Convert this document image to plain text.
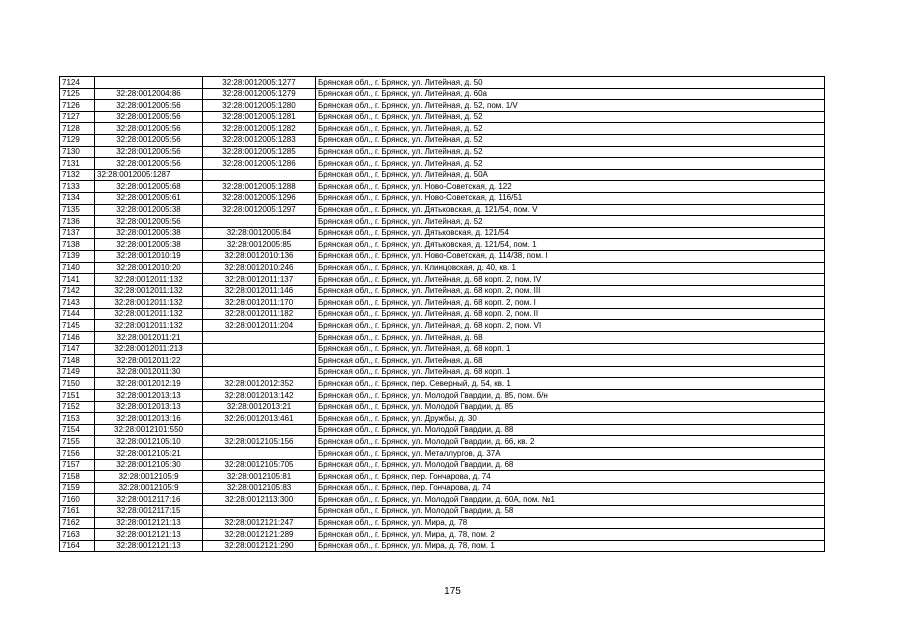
7124		32:28:0012005:1277	Брянская обл., г. Брянск, ул. Литейная, д. 50
7125	32:28:0012004:86	32:28:0012005:1279	Брянская обл., г. Брянск, ул. Литейная, д. 60а
7126	32:28:0012005:56	32:28:0012005:1280	Брянская обл., г. Брянск, ул. Литейная, д. 52, пом. 1/V
7127	32:28:0012005:56	32:28:0012005:1281	Брянская обл., г. Брянск, ул. Литейная, д. 52
7128	32:28:0012005:56	32:28:0012005:1282	Брянская обл., г. Брянск, ул. Литейная, д. 52
7129	32:28:0012005:56	32:28:0012005:1283	Брянская обл., г. Брянск, ул. Литейная, д. 52
7130	32:28:0012005:56	32:28:0012005:1285	Брянская обл., г. Брянск, ул. Литейная, д. 52
7131	32:28:0012005:56	32:28:0012005:1286	Брянская обл., г. Брянск, ул. Литейная, д. 52
7132	32:28:0012005:1287		Брянская обл., г. Брянск, ул. Литейная, д. 50А
7133	32:28:0012005:68	32:28:0012005:1288	Брянская обл., г. Брянск, ул. Ново-Советская, д. 122
7134	32:28:0012005:61	32:28:0012005:1296	Брянская обл., г. Брянск, ул. Ново-Советская, д. 116/51
7135	32:28:0012005:38	32:28:0012005:1297	Брянская обл., г. Брянск, ул. Дятьковская, д. 121/54, пом. V
7136	32:28:0012005:56		Брянская обл., г. Брянск, ул. Литейная, д. 52
7137	32:28:0012005:38	32:28:0012005:84	Брянская обл., г. Брянск, ул. Дятьковская, д. 121/54
7138	32:28:0012005:38	32:28:0012005:85	Брянская обл., г. Брянск, ул. Дятьковская, д. 121/54, пом. 1
7139	32:28:0012010:19	32:28:0012010:136	Брянская обл., г. Брянск, ул. Ново-Советская, д. 114/38, пом. I
7140	32:28:0012010:20	32:28:0012010:246	Брянская обл., г. Брянск, ул. Клинцовская, д. 40, кв. 1
7141	32:28:0012011:132	32:28:0012011:137	Брянская обл., г. Брянск, ул. Литейная, д. 68 корп. 2, пом. IV
7142	32:28:0012011:132	32:28:0012011:146	Брянская обл., г. Брянск, ул. Литейная, д. 68 корп. 2, пом. III
7143	32:28:0012011:132	32:28:0012011:170	Брянская обл., г. Брянск, ул. Литейная, д. 68 корп. 2, пом. I
7144	32:28:0012011:132	32:28:0012011:182	Брянская обл., г. Брянск, ул. Литейная, д. 68 корп. 2, пом. II
7145	32:28:0012011:132	32:28:0012011:204	Брянская обл., г. Брянск, ул. Литейная, д. 68 корп. 2, пом. VI
7146	32:28:0012011:21		Брянская обл., г. Брянск, ул. Литейная, д. 68
7147	32:28:0012011:213		Брянская обл., г. Брянск, ул. Литейная, д. 68 корп. 1
7148	32:28:0012011:22		Брянская обл., г. Брянск, ул. Литейная, д. 68
7149	32:28:0012011:30		Брянская обл., г. Брянск, ул. Литейная, д. 68 корп. 1
7150	32:28:0012012:19	32:28:0012012:352	Брянская обл., г. Брянск, пер. Северный, д. 54, кв. 1
7151	32:28:0012013:13	32:28:0012013:142	Брянская обл., г. Брянск, ул. Молодой Гвардии, д. 85, пом. б/н
7152	32:28:0012013:13	32:28:0012013:21	Брянская обл., г. Брянск, ул. Молодой Гвардии, д. 85
7153	32:28:0012013:16	32:26:0012013:461	Брянская обл., г. Брянск, ул. Дружбы, д. 30
7154	32:28:0012101:550		Брянская обл., г. Брянск, ул. Молодой Гвардии, д. 88
7155	32:28:0012105:10	32:28:0012105:156	Брянская обл., г. Брянск, ул. Молодой Гвардии, д. 66, кв. 2
7156	32:28:0012105:21		Брянская обл., г. Брянск, ул. Металлургов, д. 37А
7157	32:28:0012105:30	32:28:0012105:705	Брянская обл., г. Брянск, ул. Молодой Гвардии, д. 68
7158	32:28:0012105:9	32:28:0012105:81	Брянская обл., г. Брянск, пер. Гончарова, д. 74
7159	32:28:0012105:9	32:28:0012105:83	Брянская обл., г. Брянск, пер. Гончарова, д. 74
7160	32:28:0012117:16	32:28:0012113:300	Брянская обл., г. Брянск, ул. Молодой Гвардии, д. 60А, пом. №1
7161	32:28:0012117:15		Брянская обл., г. Брянск, ул. Молодой Гвардии, д. 58
7162	32:28:0012121:13	32:28:0012121:247	Брянская обл., г. Брянск, ул. Мира, д. 78
7163	32:28:0012121:13	32:28:0012121:289	Брянская обл., г. Брянск, ул. Мира, д. 78, пом. 2
7164	32:28:0012121:13	32:28:0012121:290	Брянская обл., г. Брянск, ул. Мира, д. 78, пом. 1
175
